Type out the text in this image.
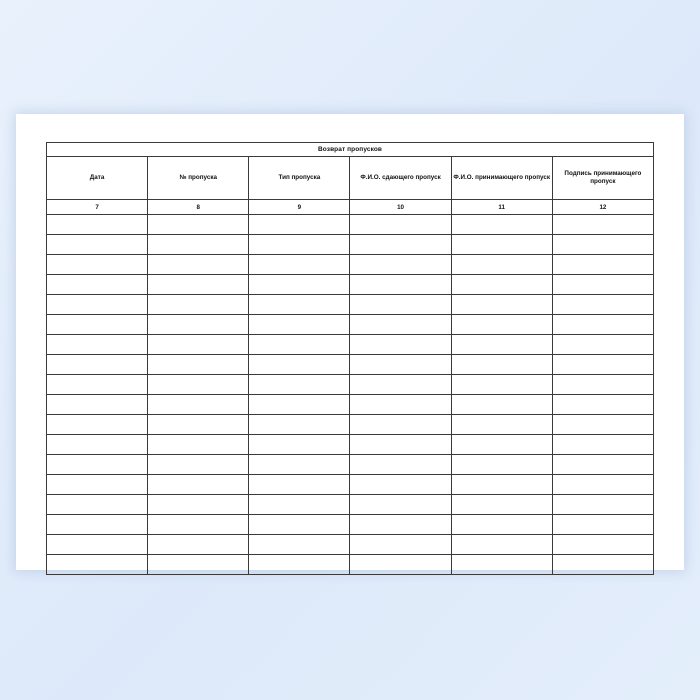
Возврат пропусков					
Дата	№ пропуска	Тип пропуска	Ф.И.О. сдающего пропуск	Ф.И.О. принимающего пропуск	Подпись принимающего пропуск
7	8	9	10	11	12
